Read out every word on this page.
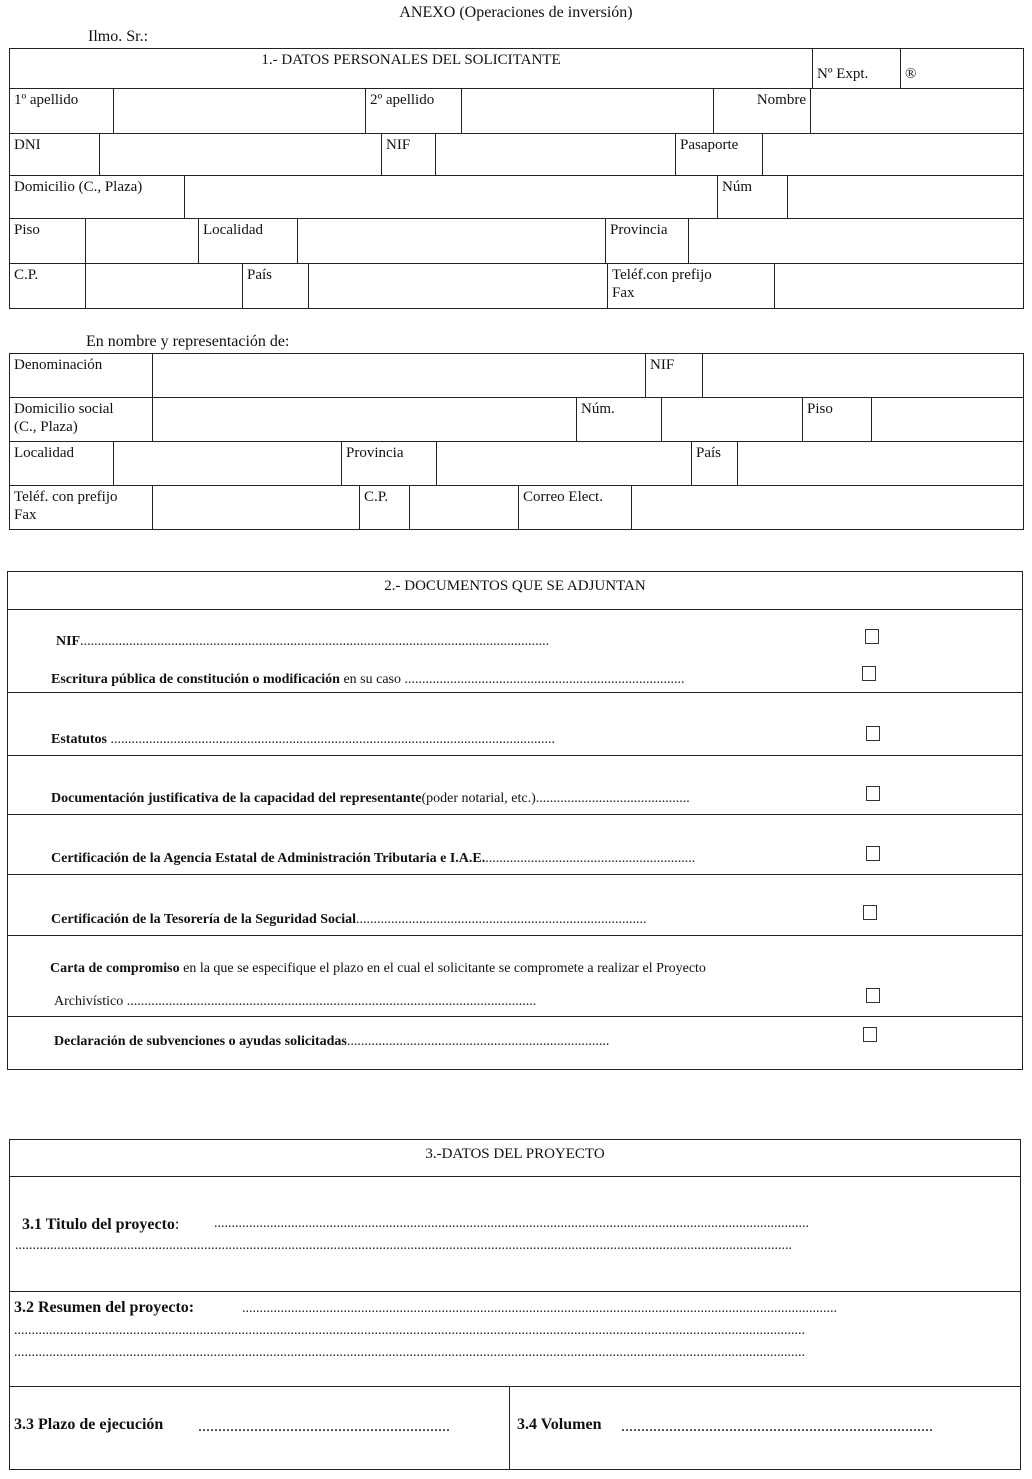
ANEXO (Operaciones de inversión)
Ilmo. Sr.:
1.- DATOS PERSONALES DEL SOLICITANTE	Nº Expt.	®
1º apellido		2º apellido		Nombre	
DNI		NIF		Pasaporte	
Domicilio (C., Plaza)		Núm	
Piso		Localidad		Provincia	
C.P.		País		Teléf.con prefijo
Fax	
En nombre y representación de:
Denominación		NIF	
Domicilio social
(C., Plaza)		Núm.		Piso	
Localidad		Provincia		País	
Teléf. con prefijo
Fax		C.P.		Correo Elect.	
2.- DOCUMENTOS QUE SE ADJUNTAN
NIF......................................................................................................................................
Escritura pública de constitución o modificación en su caso ................................................................................
Estatutos ...............................................................................................................................
Documentación justificativa de la capacidad del representante(poder notarial, etc.)............................................
Certificación de la Agencia Estatal de Administración Tributaria e I.A.E.............................................................
Certificación de la Tesorería de la Seguridad Social...................................................................................
Carta de compromiso en la que se especifique el plazo en el cual el solicitante se compromete a realizar el Proyecto
Archivístico .....................................................................................................................
Declaración de subvenciones o ayudas solicitadas...........................................................................
3.-DATOS DEL PROYECTO
3.1 Titulo del proyecto: ..........................................................................................................................................................................
..............................................................................................................................................................................................................................
3.2 Resumen del proyecto:	..........................................................................................................................................................................
..................................................................................................................................................................................................................................
..................................................................................................................................................................................................................................
3.3 Plazo de ejecución ...............................................................	3.4 Volumen ..............................................................................
